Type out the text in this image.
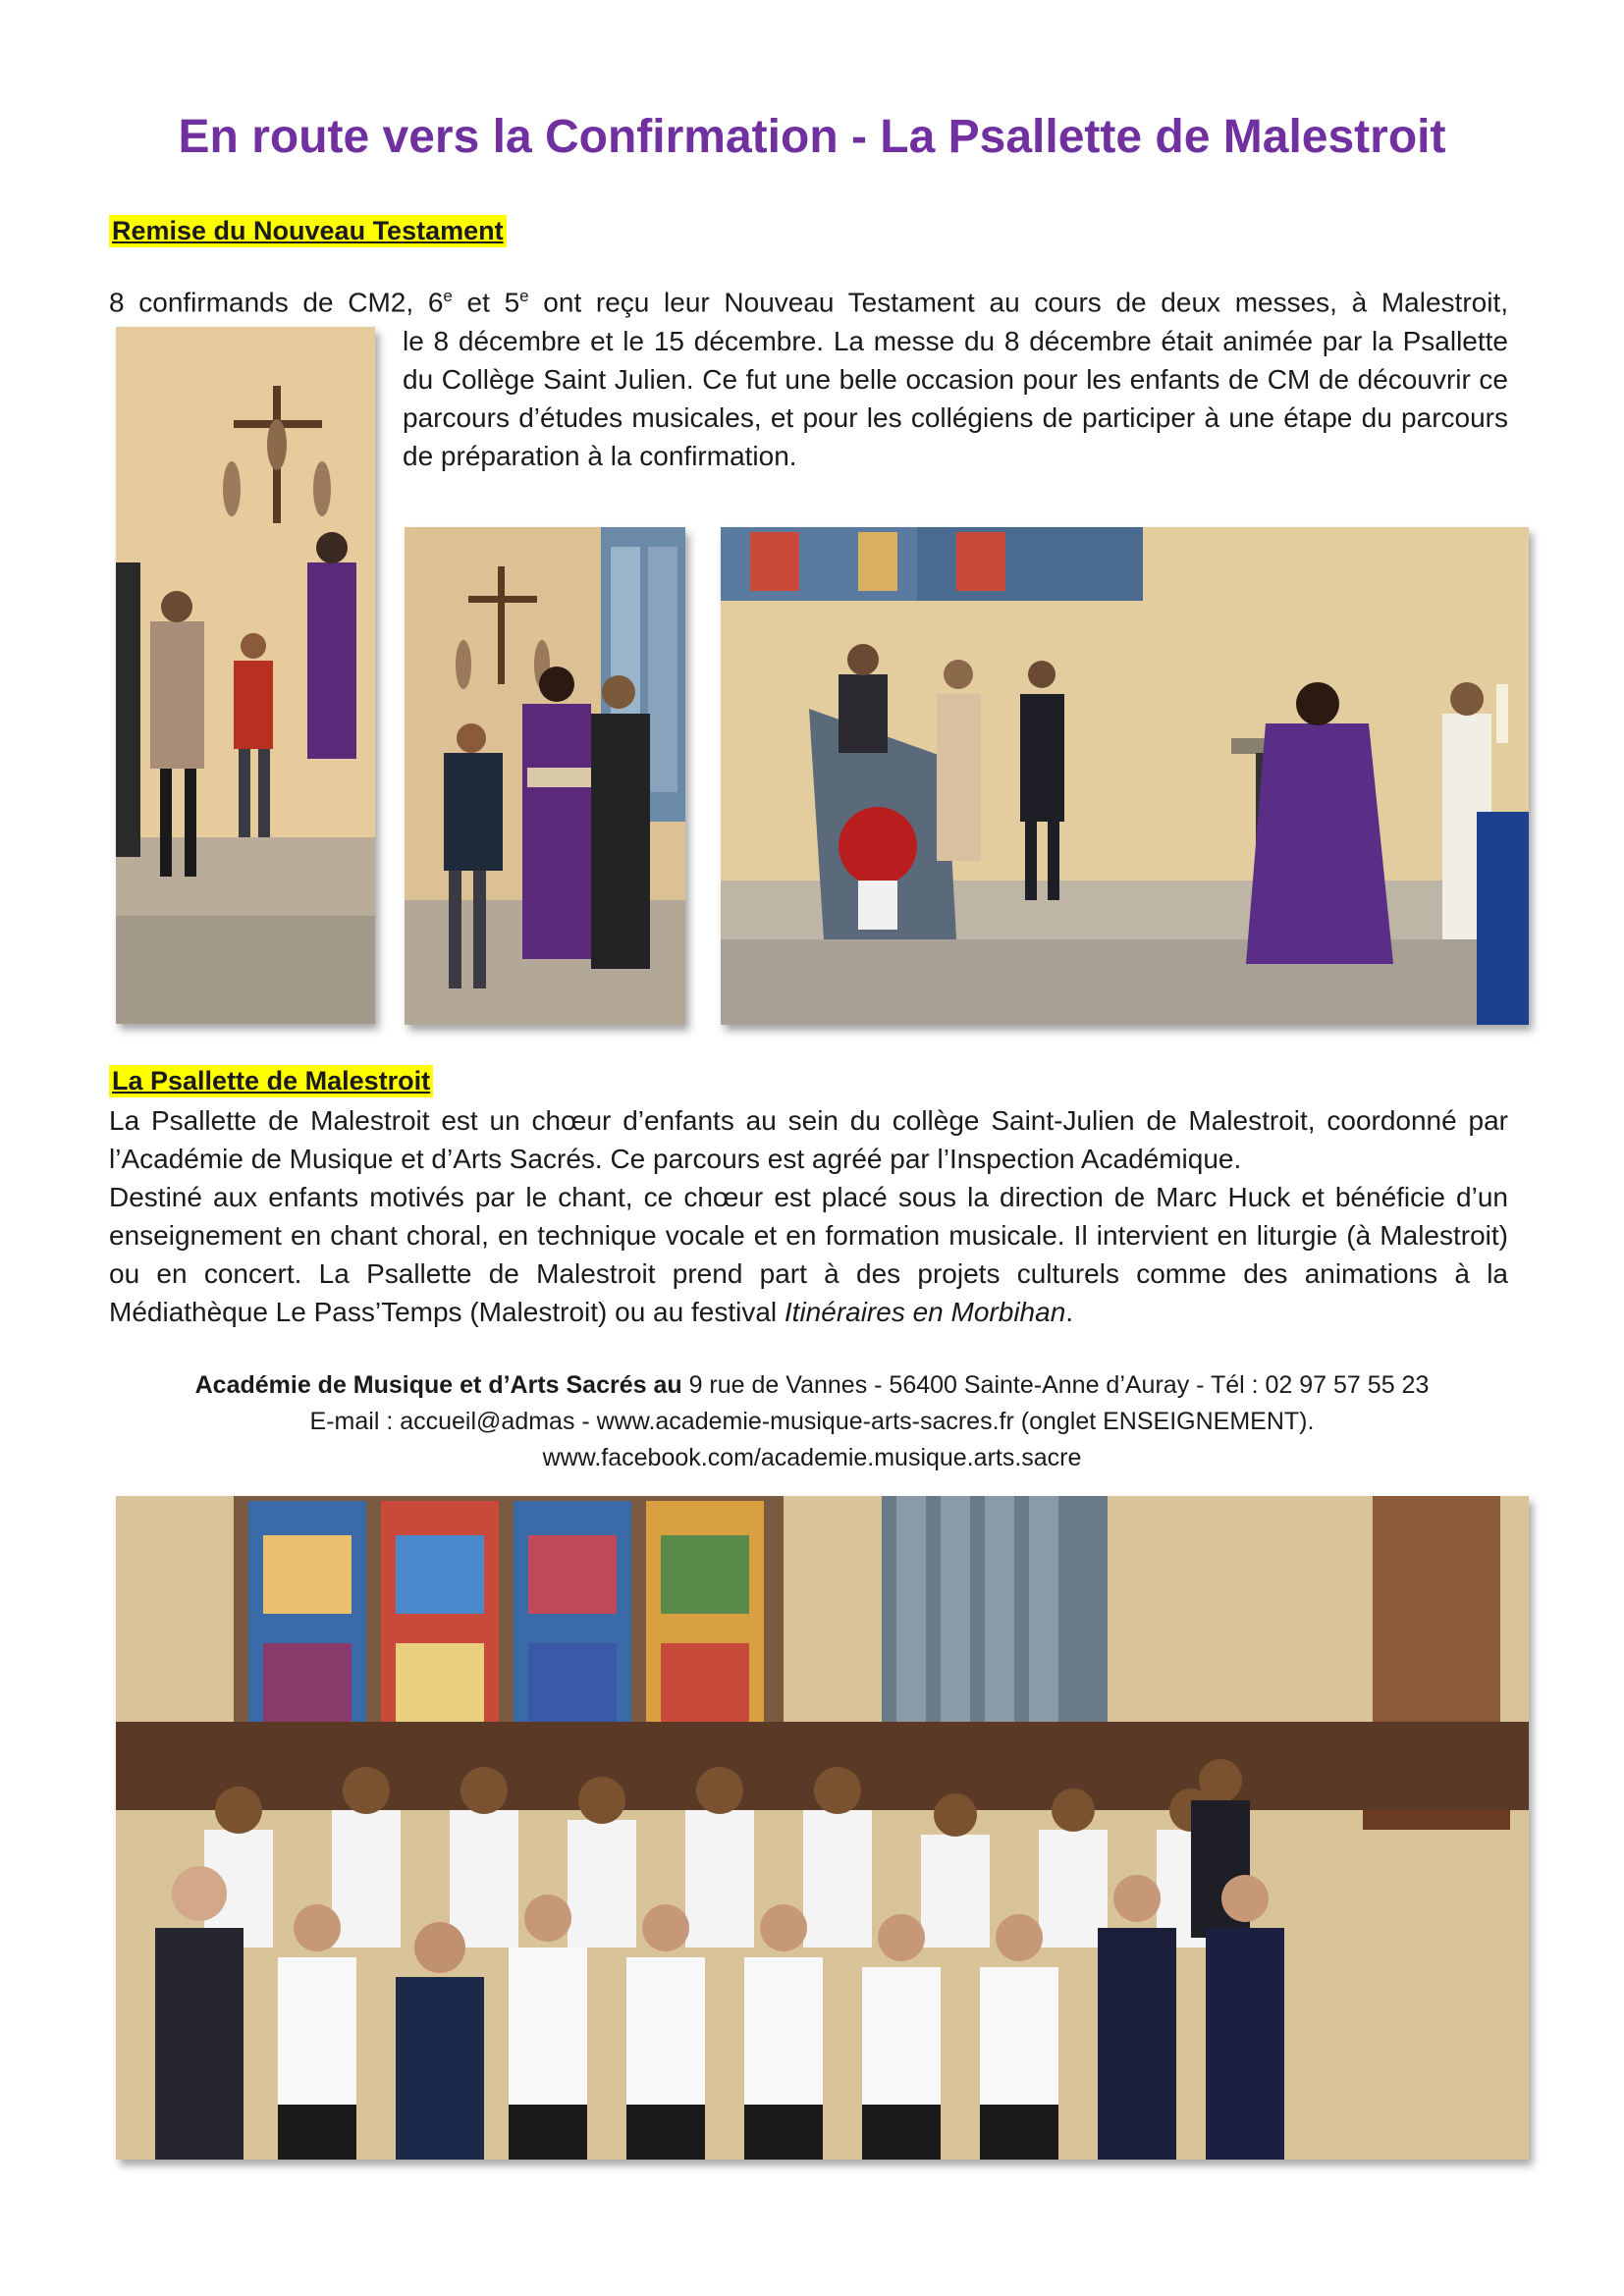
En route vers la Confirmation - La Psallette de Malestroit
Remise du Nouveau Testament
8 confirmands de CM2, 6e et 5e ont reçu leur Nouveau Testament au cours de deux messes, à Malestroit,

le 8 décembre et le 15 décembre. La messe du 8 décembre était animée par la Psallette du Collège Saint Julien. Ce fut une belle occasion pour les enfants de CM de découvrir ce parcours d’études musicales, et pour les collégiens de participer à une étape du parcours de préparation à la confirmation.

La Psallette de Malestroit

La Psallette de Malestroit est un chœur d’enfants au sein du collège Saint-Julien de Malestroit, coordonné par l’Académie de Musique et d’Arts Sacrés. Ce parcours est agréé par l’Inspection Académique.

Destiné aux enfants motivés par le chant, ce chœur est placé sous la direction de Marc Huck et bénéficie d’un enseignement en chant choral, en technique vocale et en formation musicale. Il intervient en liturgie (à Malestroit) ou en concert. La Psallette de Malestroit prend part à des projets culturels comme des animations à la Médiathèque Le Pass’Temps (Malestroit) ou au festival Itinéraires en Morbihan.

Académie de Musique et d’Arts Sacrés au 9 rue de Vannes - 56400 Sainte-Anne d’Auray - Tél : 02 97 57 55 23
E-mail : accueil@admas - www.academie-musique-arts-sacres.fr (onglet ENSEIGNEMENT).
www.facebook.com/academie.musique.arts.sacre
